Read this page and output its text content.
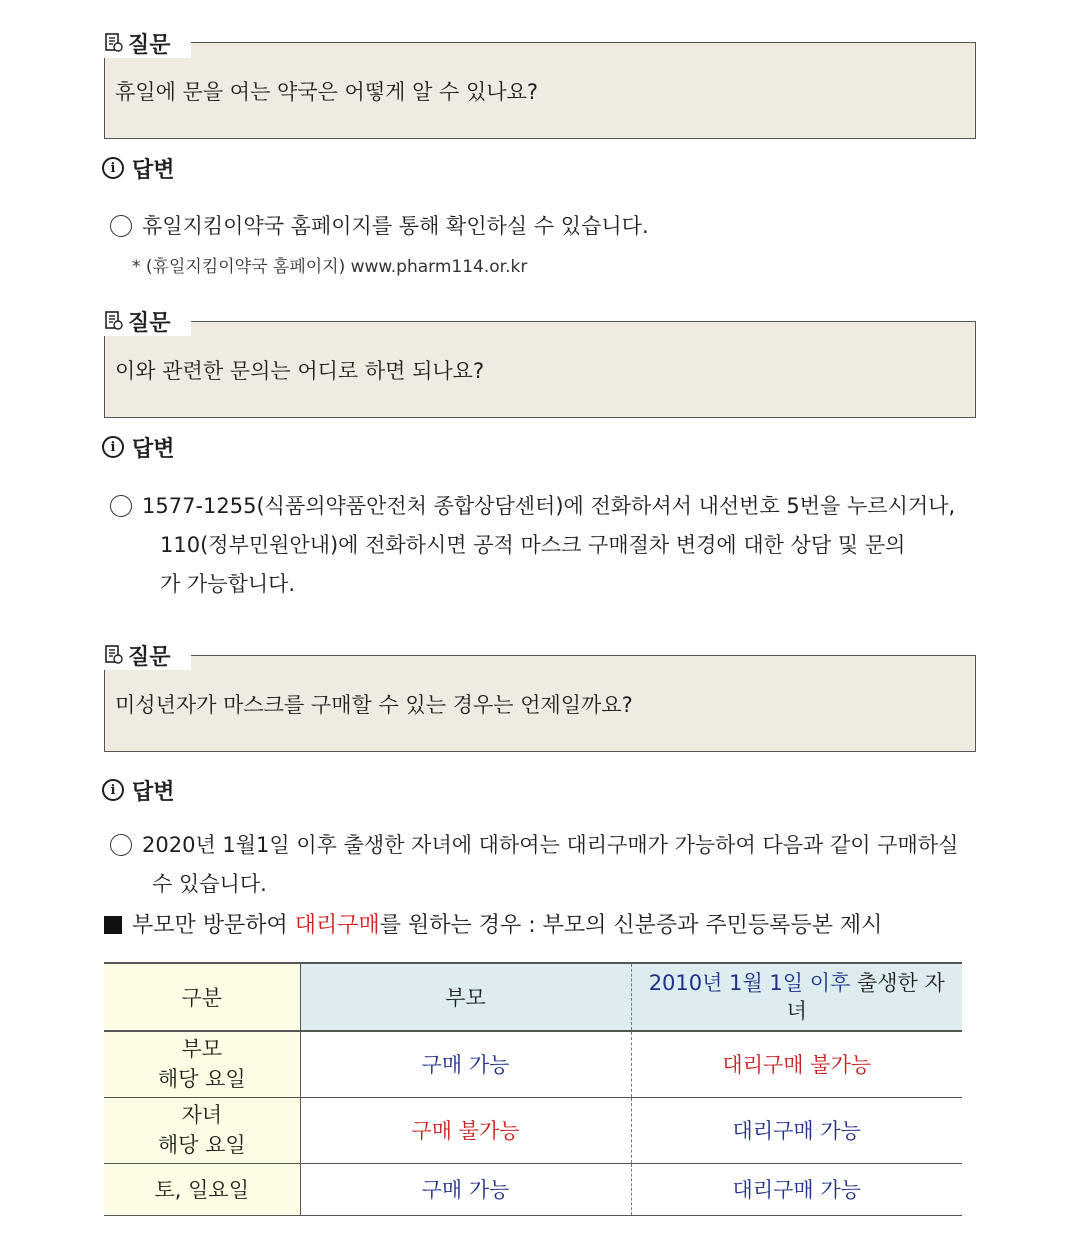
질문
휴일에 문을 여는 약국은 어떻게 알 수 있나요?
i 답변
휴일지킴이약국 홈페이지를 통해 확인하실 수 있습니다.
* (휴일지킴이약국 홈페이지) www.pharm114.or.kr
질문
이와 관련한 문의는 어디로 하면 되나요?
i 답변
1577-1255(식품의약품안전처 종합상담센터)에 전화하셔서 내선번호 5번을 누르시거나,
110(정부민원안내)에 전화하시면 공적 마스크 구매절차 변경에 대한 상담 및 문의
가 가능합니다.
질문
미성년자가 마스크를 구매할 수 있는 경우는 언제일까요?
i 답변
2020년 1월1일 이후 출생한 자녀에 대하여는 대리구매가 가능하여 다음과 같이 구매하실
수 있습니다.
부모만 방문하여 대리구매를 원하는 경우 : 부모의 신분증과 주민등록등본 제시
구분	부모	2010년 1월 1일 이후 출생한 자녀

부모
해당 요일	구매 가능	대리구매 불가능

자녀
해당 요일	구매 불가능	대리구매 가능
토, 일요일	구매 가능	대리구매 가능
